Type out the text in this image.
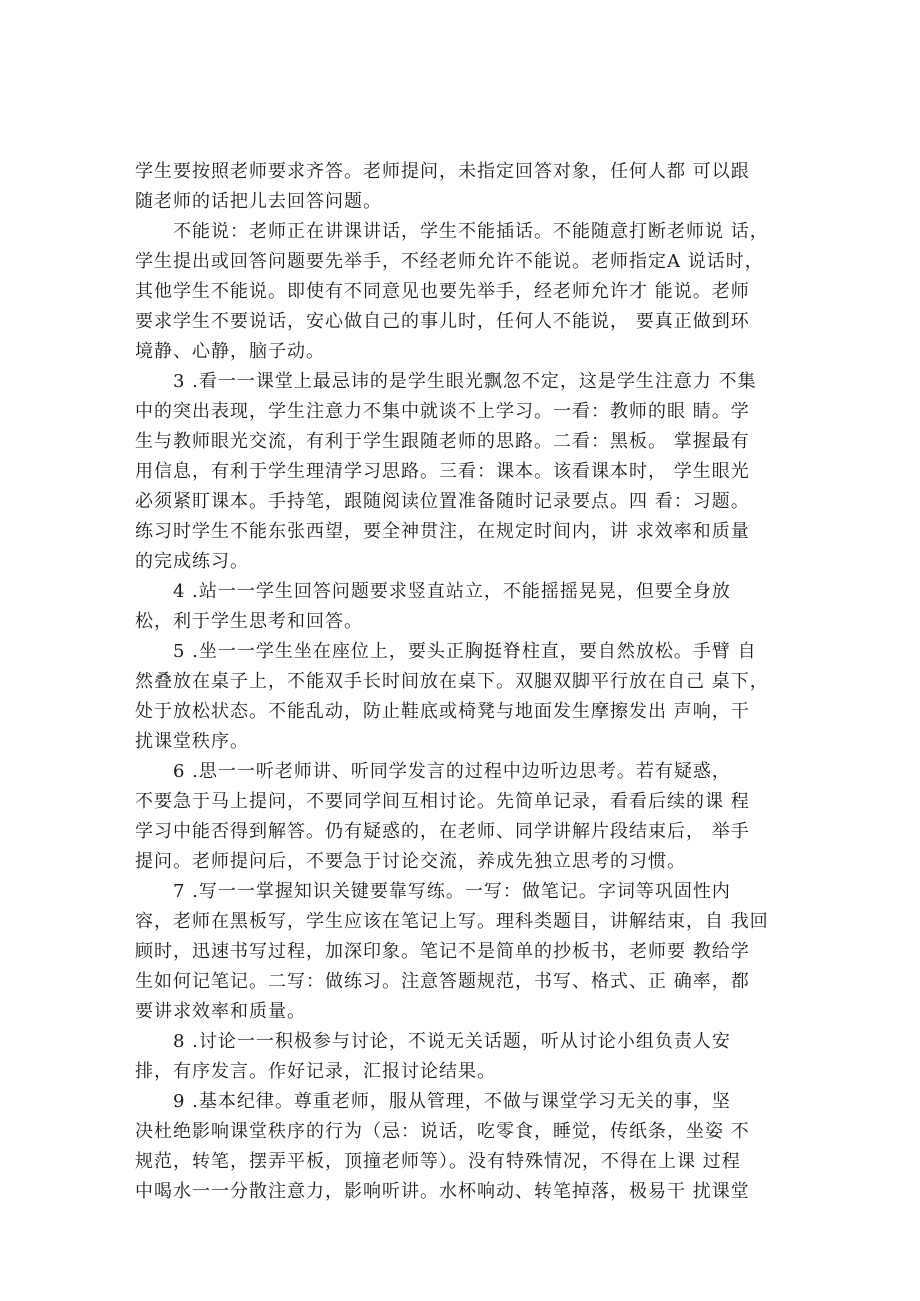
学生要按照老师要求齐答。老师提问，未指定回答对象，任何人都 可以跟
随老师的话把儿去回答问题。
不能说：老师正在讲课讲话，学生不能插话。不能随意打断老师说 话，
学生提出或回答问题要先举手，不经老师允许不能说。老师指定A 说话时，
其他学生不能说。即使有不同意见也要先举手，经老师允许才 能说。老师
要求学生不要说话，安心做自己的事儿时，任何人不能说， 要真正做到环
境静、心静，脑子动。
3 .看一一课堂上最忌讳的是学生眼光飘忽不定，这是学生注意力 不集
中的突出表现，学生注意力不集中就谈不上学习。一看：教师的眼 睛。学
生与教师眼光交流，有利于学生跟随老师的思路。二看：黑板。 掌握最有
用信息，有利于学生理清学习思路。三看：课本。该看课本时， 学生眼光
必须紧盯课本。手持笔，跟随阅读位置准备随时记录要点。四 看：习题。
练习时学生不能东张西望，要全神贯注，在规定时间内，讲 求效率和质量
的完成练习。
4 .站一一学生回答问题要求竖直站立，不能摇摇晃晃，但要全身放
松，利于学生思考和回答。
5 .坐一一学生坐在座位上，要头正胸挺脊柱直，要自然放松。手臂 自
然叠放在桌子上，不能双手长时间放在桌下。双腿双脚平行放在自己 桌下，
处于放松状态。不能乱动，防止鞋底或椅凳与地面发生摩擦发出 声响，干
扰课堂秩序。
6 .思一一听老师讲、听同学发言的过程中边听边思考。若有疑惑，
不要急于马上提问，不要同学间互相讨论。先简单记录，看看后续的课 程
学习中能否得到解答。仍有疑惑的，在老师、同学讲解片段结束后， 举手
提问。老师提问后，不要急于讨论交流，养成先独立思考的习惯。
7 .写一一掌握知识关键要靠写练。一写：做笔记。字词等巩固性内
容，老师在黑板写，学生应该在笔记上写。理科类题目，讲解结束，自 我回
顾时，迅速书写过程，加深印象。笔记不是简单的抄板书，老师要 教给学
生如何记笔记。二写：做练习。注意答题规范，书写、格式、正 确率，都
要讲求效率和质量。
8 .讨论一一积极参与讨论，不说无关话题，听从讨论小组负责人安
排，有序发言。作好记录，汇报讨论结果。
9 .基本纪律。尊重老师，服从管理，不做与课堂学习无关的事，坚
决杜绝影响课堂秩序的行为（忌：说话，吃零食，睡觉，传纸条，坐姿 不
规范，转笔，摆弄平板，顶撞老师等）。没有特殊情况，不得在上课 过程
中喝水一一分散注意力，影响听讲。水杯响动、转笔掉落，极易干 扰课堂
